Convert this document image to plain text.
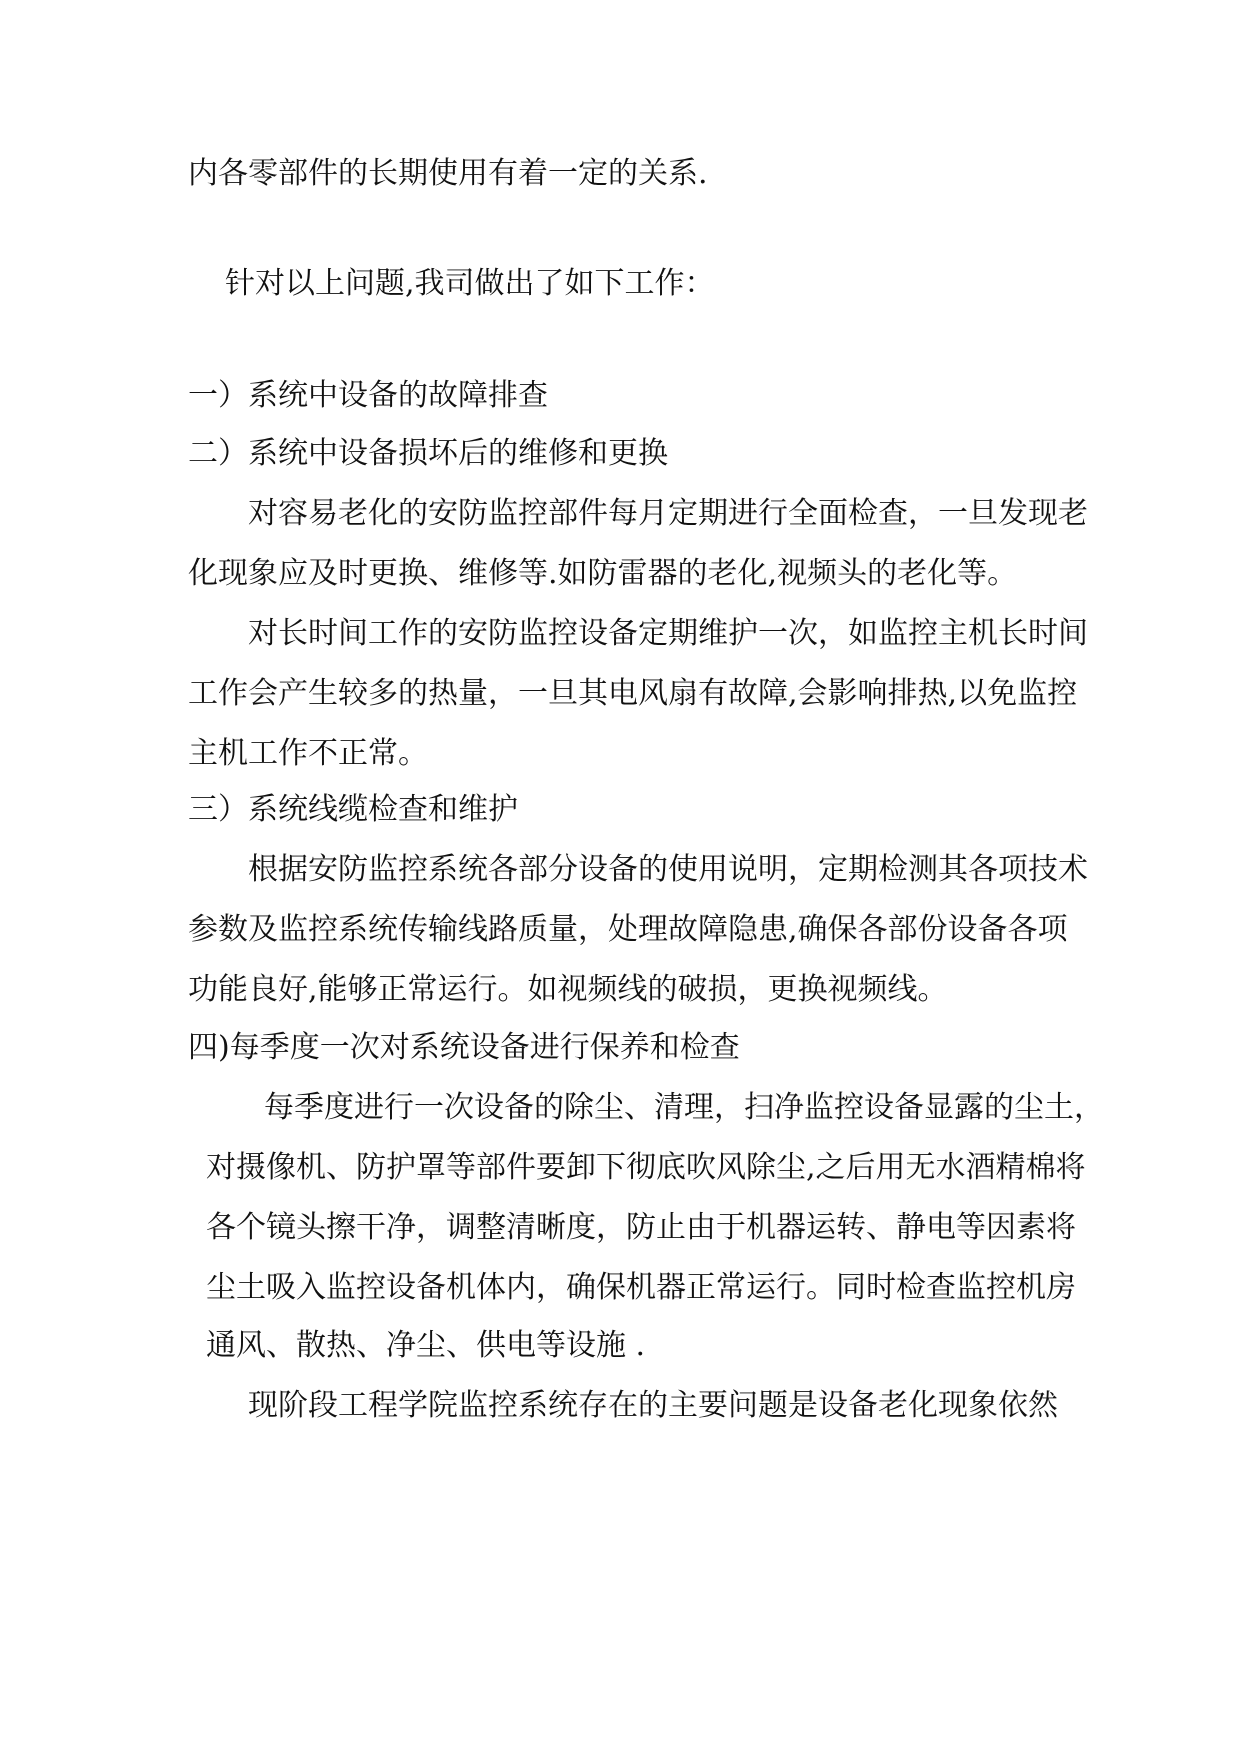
内各零部件的长期使用有着一定的关系.
针对以上问题,我司做出了如下工作：
一）系统中设备的故障排查
二）系统中设备损坏后的维修和更换
对容易老化的安防监控部件每月定期进行全面检查，一旦发现老
化现象应及时更换、维修等.如防雷器的老化,视频头的老化等。
对长时间工作的安防监控设备定期维护一次，如监控主机长时间
工作会产生较多的热量，一旦其电风扇有故障,会影响排热,以免监控
主机工作不正常。
三）系统线缆检查和维护
根据安防监控系统各部分设备的使用说明，定期检测其各项技术
参数及监控系统传输线路质量，处理故障隐患,确保各部份设备各项
功能良好,能够正常运行。如视频线的破损，更换视频线。
四)每季度一次对系统设备进行保养和检查
每季度进行一次设备的除尘、清理，扫净监控设备显露的尘土，
对摄像机、防护罩等部件要卸下彻底吹风除尘,之后用无水酒精棉将
各个镜头擦干净，调整清晰度，防止由于机器运转、静电等因素将
尘土吸入监控设备机体内，确保机器正常运行。同时检查监控机房
通风、散热、净尘、供电等设施 .
现阶段工程学院监控系统存在的主要问题是设备老化现象依然
